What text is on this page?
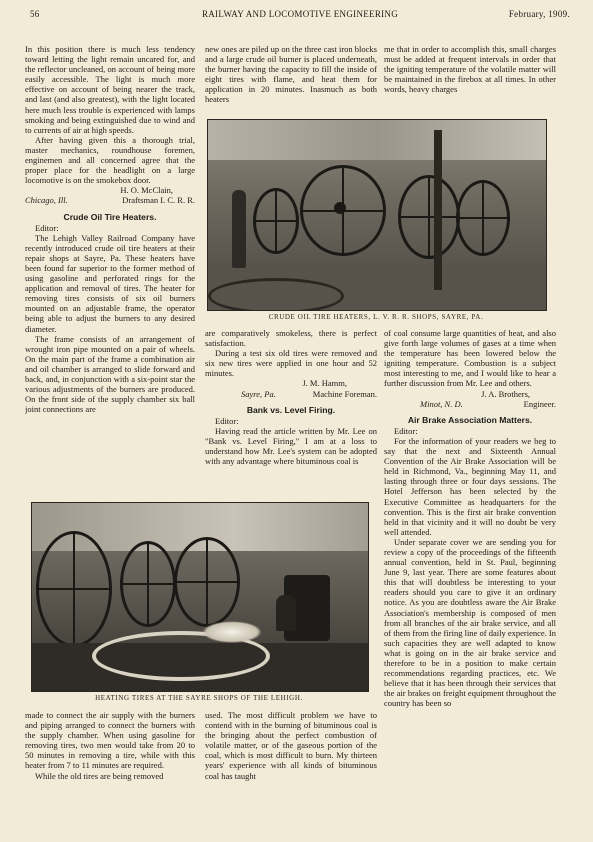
56	RAILWAY AND LOCOMOTIVE ENGINEERING	February, 1909.

In this position there is much less tendency toward letting the light remain uncared for, and the reflector uncleaned, on account of being more easily accessible. The light is much more effective on account of being nearer the track, and last (and also greatest), with the light located here much less trouble is experienced with lamps smoking and being extinguished due to wind and to currents of air at high speeds.

After having given this a thorough trial, master mechanics, roundhouse foremen, enginemen and all concerned agree that the proper place for the headlight on a large locomotive is on the smokebox door.

H. O. McClain,
Chicago, Ill.	Draftsman I. C. R. R.
Crude Oil Tire Heaters.

Editor:

The Lehigh Valley Railroad Company have recently introduced crude oil tire heaters at their repair shops at Sayre, Pa. These heaters have been found far superior to the former method of using gasoline and perforated rings for the application and removal of tires. The heater for removing tires consists of six oil burners mounted on an adjustable frame, the operator being able to adjust the burners to any desired diameter.

The frame consists of an arrangement of wrought iron pipe mounted on a pair of wheels. On the main part of the frame a combination air and oil chamber is arranged to slide forward and back, and, in conjunction with a six-point star the various adjustments of the burners are produced. On the front side of the supply chamber six ball joint connections are

new ones are piled up on the three cast iron blocks and a large crude oil burner is placed underneath, the burner having the capacity to fill the inside of eight tires with flame, and heat them for application in 20 minutes. Inasmuch as both heaters

me that in order to accomplish this, small charges must be added at frequent intervals in order that the igniting temperature of the volatile matter will be maintained in the firebox at all times. In other words, heavy charges

CRUDE OIL TIRE HEATERS, L. V. R. R. SHOPS, SAYRE, PA.

are comparatively smokeless, there is perfect satisfaction.

During a test six old tires were removed and six new tires were applied in one hour and 52 minutes.

J. M. Hamm,
Sayre, Pa.	Machine Foreman.
Bank vs. Level Firing.

Editor:

Having read the article written by Mr. Lee on "Bank vs. Level Firing," I am at a loss to understand how Mr. Lee's system can be adopted with any advantage where bituminous coal is

of coal consume large quantities of heat, and also give forth large volumes of gases at a time when the temperature has been lowered below the igniting temperature. Combustion is a subject most interesting to me, and I would like to hear a further discussion from Mr. Lee and others.

J. A. Brothers,
Minot, N. D.	Engineer.
Air Brake Association Matters.

Editor:

For the information of your readers we beg to say that the next and Sixteenth Annual Convention of the Air Brake Association will be held in Richmond, Va., beginning May 11, and lasting through three or four days sessions. The Hotel Jefferson has been selected by the Executive Committee as headquarters for the convention. This is the first air brake convention held in that vicinity and it will no doubt be very well attended.

Under separate cover we are sending you for review a copy of the proceedings of the fifteenth annual convention, held in St. Paul, beginning June 9, last year. There are some features about this that will doubtless be interesting to your readers should you care to give it an ordinary notice. As you are doubtless aware the Air Brake Association's membership is composed of men from all branches of the air brake service, and all of them from the firing line of daily experience. In such capacities they are well adapted to know what is going on in the air brake service and therefore to be in a position to make certain recommendations regarding practices, etc. We believe that it has been through their services that the air brakes on freight equipment throughout the country has been so

HEATING TIRES AT THE SAYRE SHOPS OF THE LEHIGH.

made to connect the air supply with the burners and piping arranged to connect the burners with the supply chamber. When using gasoline for removing tires, two men would take from 20 to 50 minutes in removing a tire, while with this heater from 7 to 11 minutes are required.

While the old tires are being removed

used. The most difficult problem we have to contend with in the burning of bituminous coal is the bringing about the perfect combustion of volatile matter, or of the gaseous portion of the coal, which is most difficult to burn. My thirteen years' experience with all kinds of bituminous coal has taught
